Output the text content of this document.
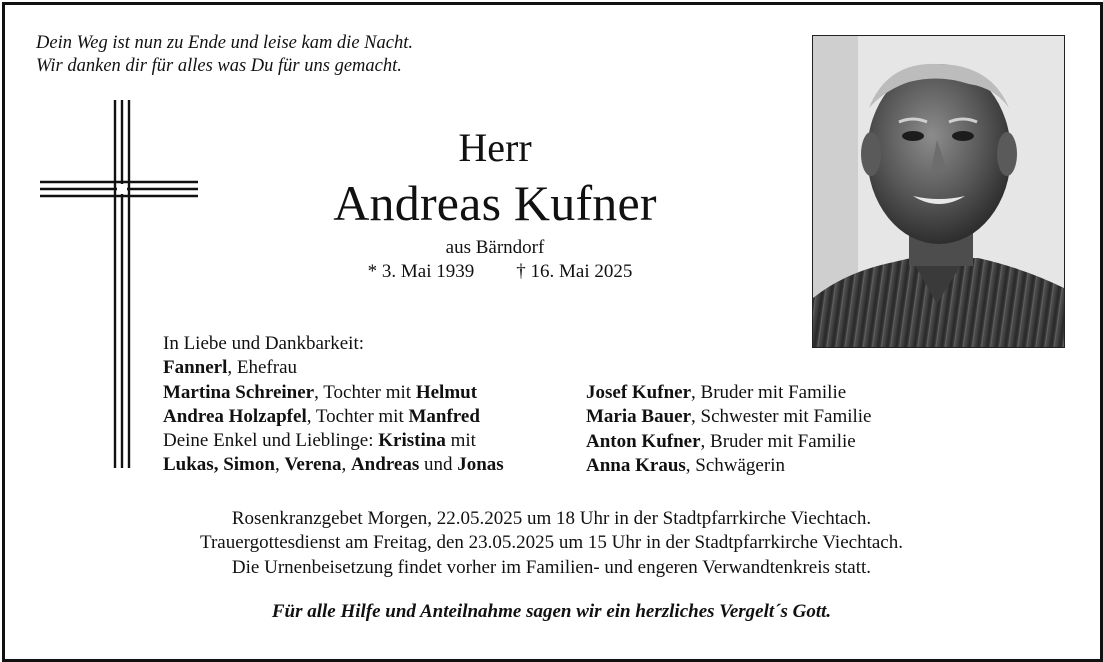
Dein Weg ist nun zu Ende und leise kam die Nacht.
Wir danken dir für alles was Du für uns gemacht.
Herr
Andreas Kufner
aus Bärndorf
* 3. Mai 1939 † 16. Mai 2025
In Liebe und Dankbarkeit:
Fannerl, Ehefrau
Martina Schreiner, Tochter mit Helmut
Andrea Holzapfel, Tochter mit Manfred
Deine Enkel und Lieblinge: Kristina mit
Lukas, Simon, Verena, Andreas und Jonas
Josef Kufner, Bruder mit Familie
Maria Bauer, Schwester mit Familie
Anton Kufner, Bruder mit Familie
Anna Kraus, Schwägerin
Rosenkranzgebet Morgen, 22.05.2025 um 18 Uhr in der Stadtpfarrkirche Viechtach.
Trauergottesdienst am Freitag, den 23.05.2025 um 15 Uhr in der Stadtpfarrkirche Viechtach.
Die Urnenbeisetzung findet vorher im Familien- und engeren Verwandtenkreis statt.
Für alle Hilfe und Anteilnahme sagen wir ein herzliches Vergelt´s Gott.
